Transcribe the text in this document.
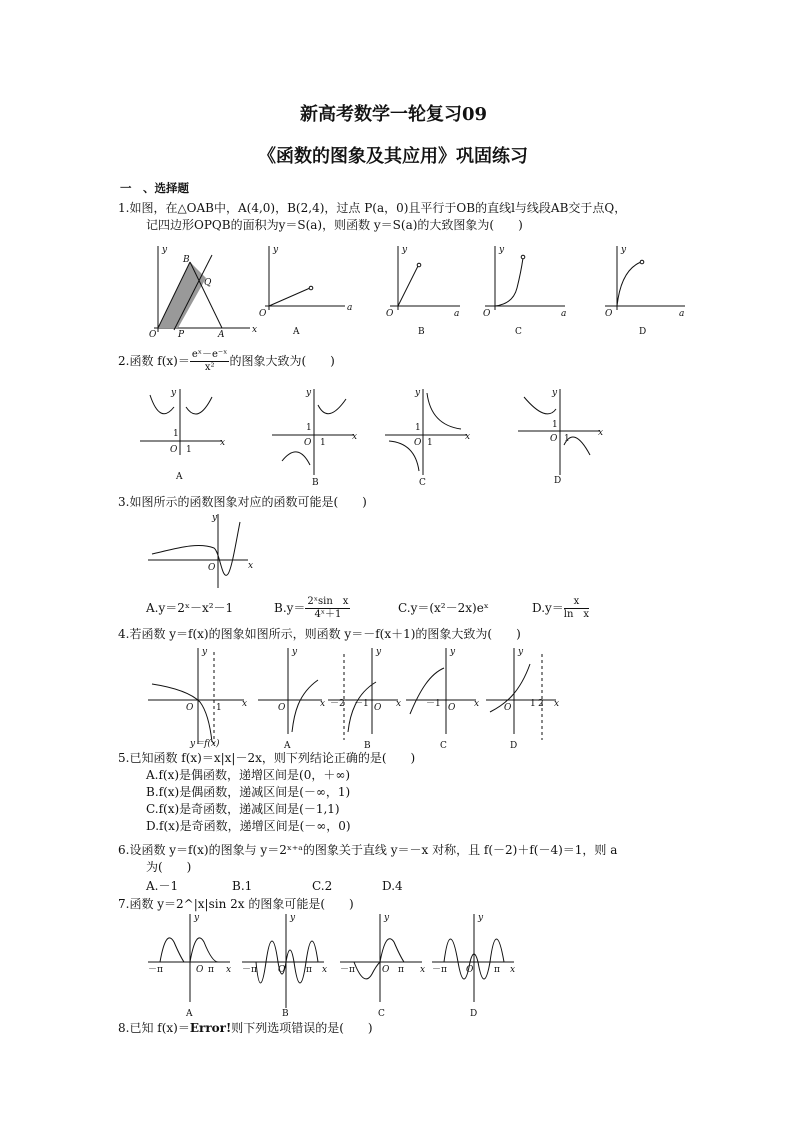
新高考数学一轮复习09
《函数的图象及其应用》巩固练习
一　、选择题
1.如图，在△OAB中，A(4,0)，B(2,4)，过点 P(a，0)且平行于OB的直线l与线段AB交于点Q，
记四边形OPQB的面积为y＝S(a)，则函数 y＝S(a)的大致图象为(　　)
y
x
O P	A
B
Q
y
a
O
A
y
a
O
B
y
a
O
C
y
a
O
D
2.函数 $f(x)= \frac{\text{eˣ－e⁻ˣ}}{\text{x²}}$ 的图象大致为(　　)
y
x
O
1
1
A
y
x
O
1
1
B
y
x
O
1
1
C
y
x
O
1
1
D
3.如图所示的函数图象对应的函数可能是(　　)
y
x
O
A.y＝2ˣ－x²－1	$B.y= \frac{\text{2ˣsin　x}}{\text{4ˣ＋1}}$	C.y＝(x²－2x)eˣ	$D.y= \frac{x}{\text{ln　x}}$
4.若函数 y＝f(x)的图象如图所示，则函数 y＝－f(x＋1)的图象大致为(　　)
y
x
O	1
y＝f(x)
y
x
O
A
y
x
O
－2 －1
B
y
x
O
－1
C
y
x
O 1 2
D
5.已知函数 f(x)＝x|x|－2x，则下列结论正确的是(　　)
A.f(x)是偶函数，递增区间是(0，＋∞)
B.f(x)是偶函数，递减区间是(－∞，1)
C.f(x)是奇函数，递减区间是(－1,1)
D.f(x)是奇函数，递增区间是(－∞，0)
6.设函数 y＝f(x)的图象与 y＝2ˣ⁺ᵃ的图象关于直线 y＝－x 对称，且 f(－2)＋f(－4)＝1，则 a
为(　　)
A.－1	B.1	C.2	D.4
7.函数 y＝2^|x|sin 2x 的图象可能是(　　)
y
x
O π
－π
A
y
x
O π
－π
B
y
x
O π
－π
C
y
x
O π
－π
D
8.已知 f(x)＝Error!则下列选项错误的是(　　)
